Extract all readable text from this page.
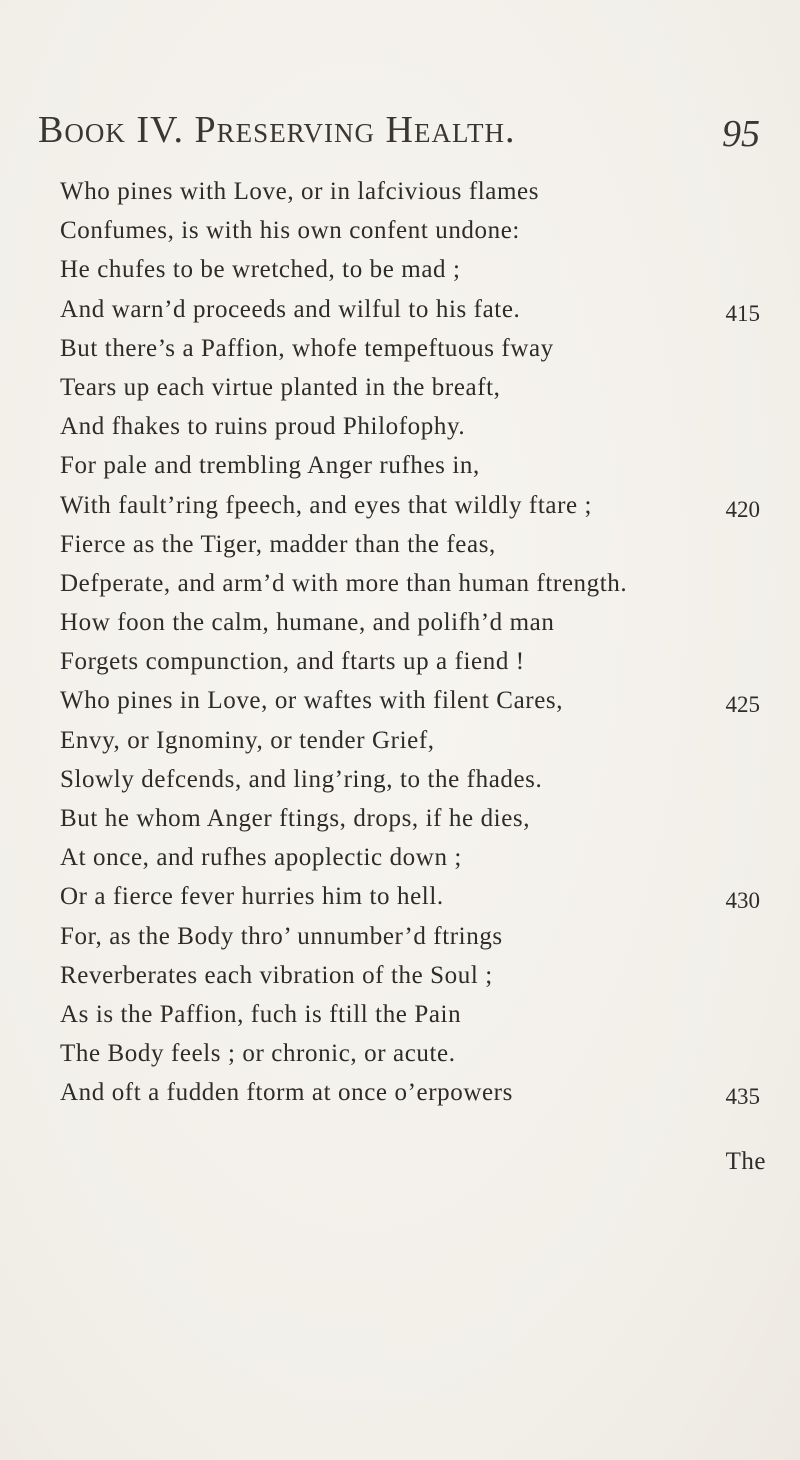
Book IV. Preserving Health.	95
Who pines with Love, or in lafcivious flames
Confumes, is with his own confent undone:
He chufes to be wretched, to be mad ;
And warn’d proceeds and wilful to his fate.	415
But there’s a Paffion, whofe tempeftuous fway
Tears up each virtue planted in the breaft,
And fhakes to ruins proud Philofophy.
For pale and trembling Anger rufhes in,
With fault’ring fpeech, and eyes that wildly ftare ;	420
Fierce as the Tiger, madder than the feas,
Defperate, and arm’d with more than human ftrength.
How foon the calm, humane, and polifh’d man
Forgets compunction, and ftarts up a fiend !
Who pines in Love, or waftes with filent Cares,	425
Envy, or Ignominy, or tender Grief,
Slowly defcends, and ling’ring, to the fhades.
But he whom Anger ftings, drops, if he dies,
At once, and rufhes apoplectic down ;
Or a fierce fever hurries him to hell.	430
For, as the Body thro’ unnumber’d ftrings
Reverberates each vibration of the Soul ;
As is the Paffion, fuch is ftill the Pain
The Body feels ; or chronic, or acute.
And oft a fudden ftorm at once o’erpowers	435
The
